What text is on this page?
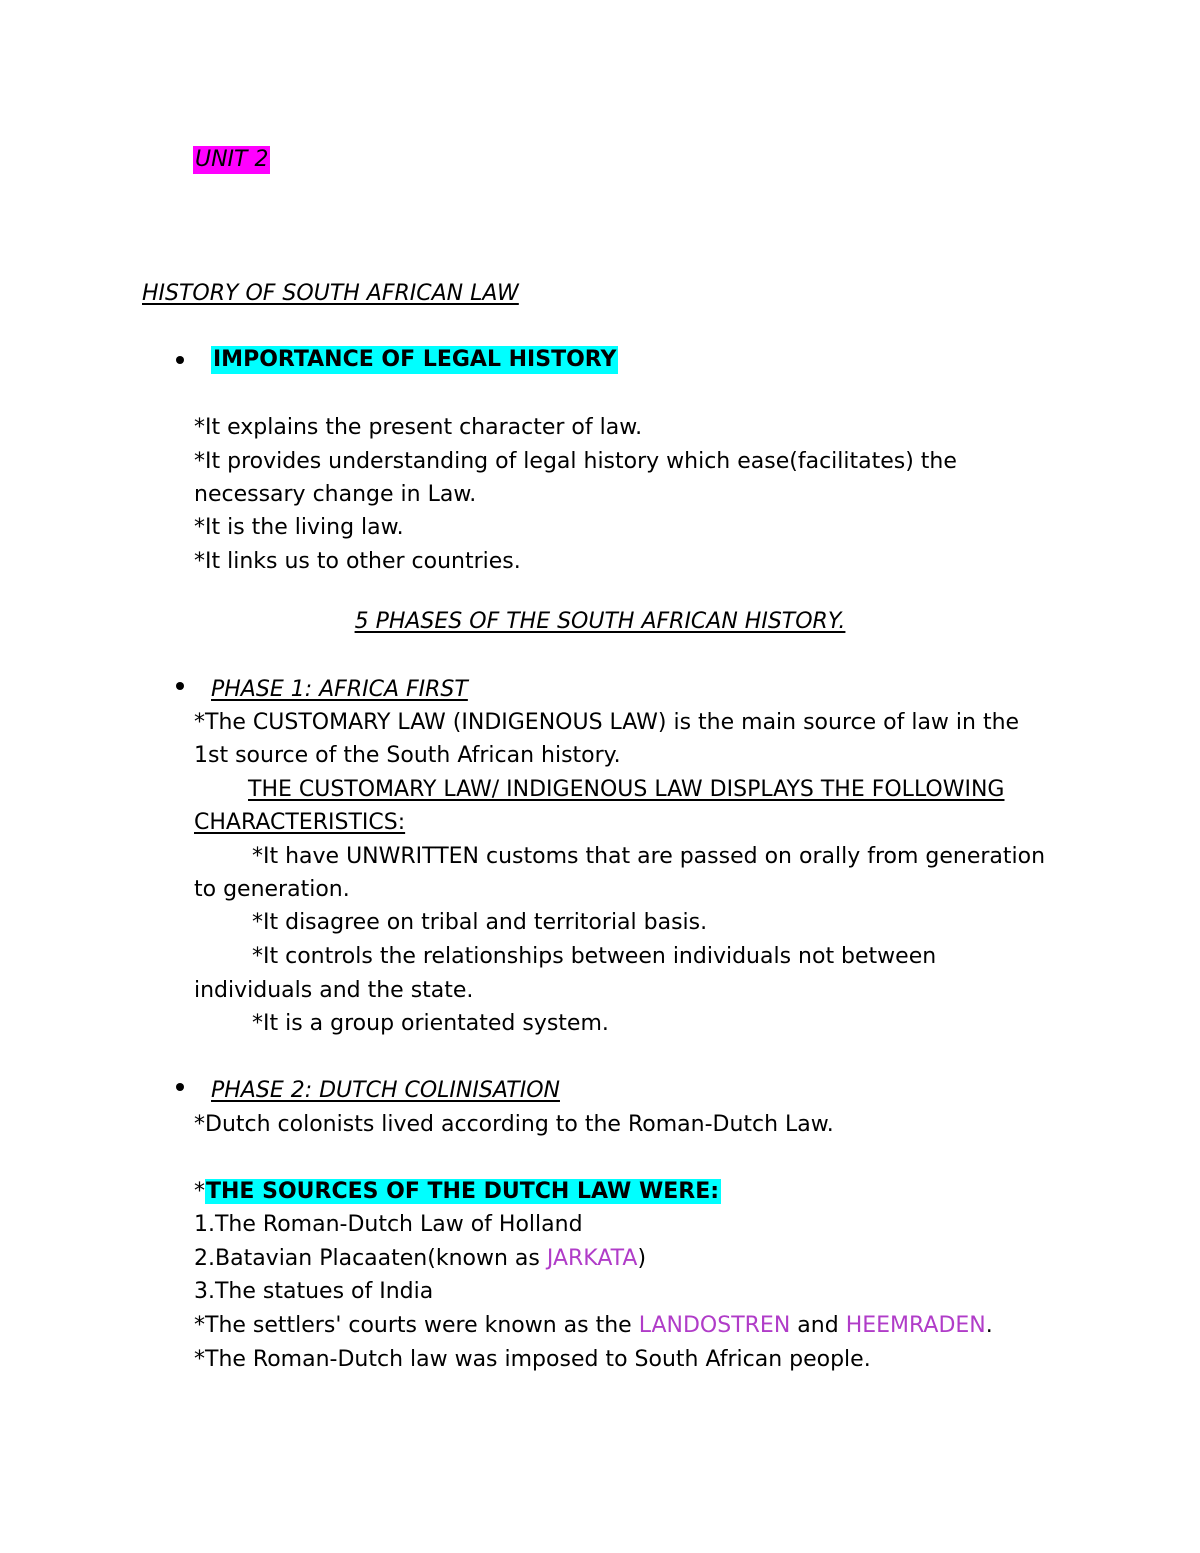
UNIT 2
HISTORY OF SOUTH AFRICAN LAW
IMPORTANCE OF LEGAL HISTORY
*It explains the present character of law.
*It provides understanding of legal history which ease(facilitates) the
necessary change in Law.
*It is the living law.
*It links us to other countries.
5 PHASES OF THE SOUTH AFRICAN HISTORY.
PHASE 1: AFRICA FIRST
*The CUSTOMARY LAW (INDIGENOUS LAW) is the main source of law in the
1st source of the South African history.
THE CUSTOMARY LAW/ INDIGENOUS LAW DISPLAYS THE FOLLOWING
CHARACTERISTICS:
*It have UNWRITTEN customs that are passed on orally from generation
to generation.
*It disagree on tribal and territorial basis.
*It controls the relationships between individuals not between
individuals and the state.
*It is a group orientated system.
PHASE 2: DUTCH COLINISATION
*Dutch colonists lived according to the Roman-Dutch Law.
*THE SOURCES OF THE DUTCH LAW WERE:
1.The Roman-Dutch Law of Holland
2.Batavian Placaaten(known as JARKATA)
3.The statues of India
*The settlers' courts were known as the LANDOSTREN and HEEMRADEN.
*The Roman-Dutch law was imposed to South African people.
